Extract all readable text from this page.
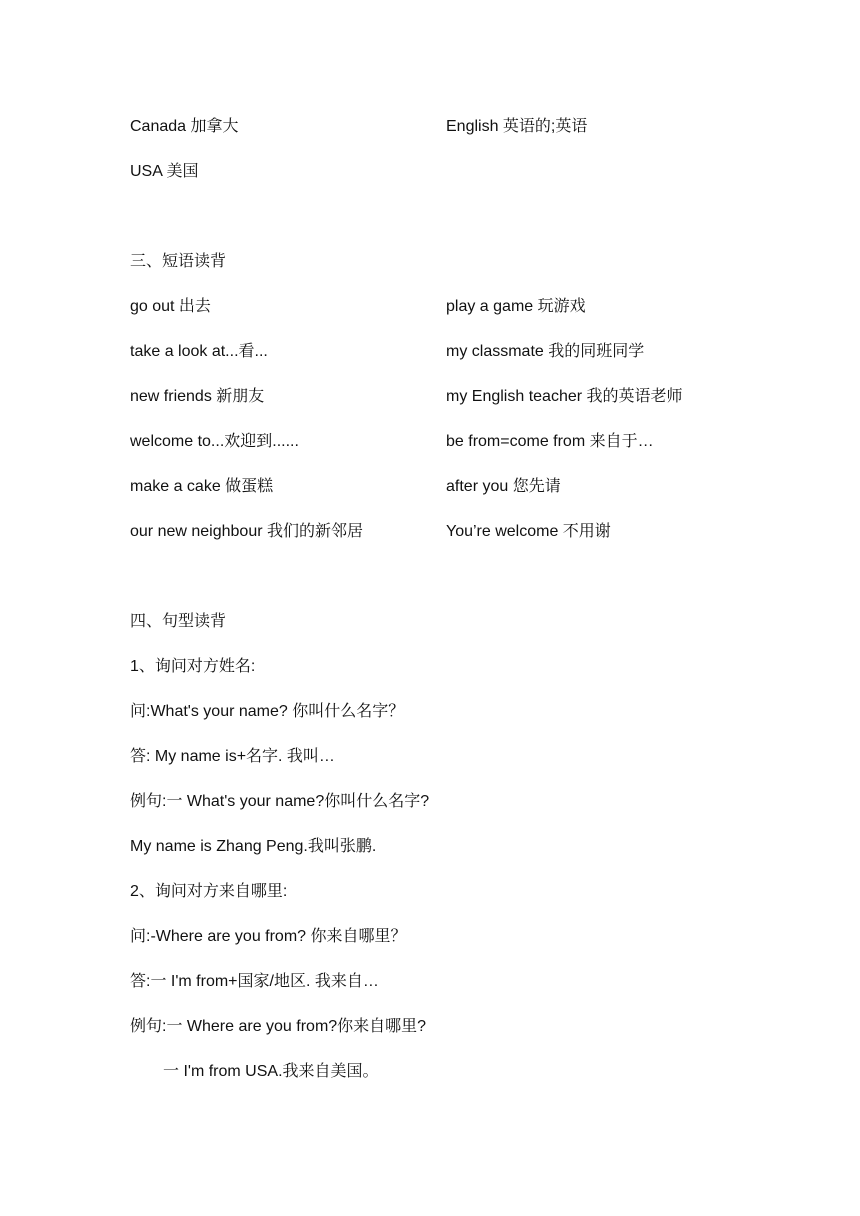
Canada 加拿大	English 英语的;英语
USA 美国
三、短语读背
go out 出去	play a game 玩游戏
take a look at...看...	my classmate 我的同班同学
new friends 新朋友	my English teacher 我的英语老师
welcome to...欢迎到......	be from=come from 来自于…
make a cake 做蛋糕	after you 您先请
our new neighbour 我们的新邻居	You’re welcome 不用谢
四、句型读背
1、询问对方姓名:
问:What's your name? 你叫什么名字？
答: My name is+名字. 我叫…
例句:一 What's your name?你叫什么名字?
My name is Zhang Peng.我叫张鹏.
2、询问对方来自哪里:
问:-Where are you from? 你来自哪里？
答:一 I'm from+国家/地区. 我来自…
例句:一 Where are you from?你来自哪里?
一 I'm from USA.我来自美国。
